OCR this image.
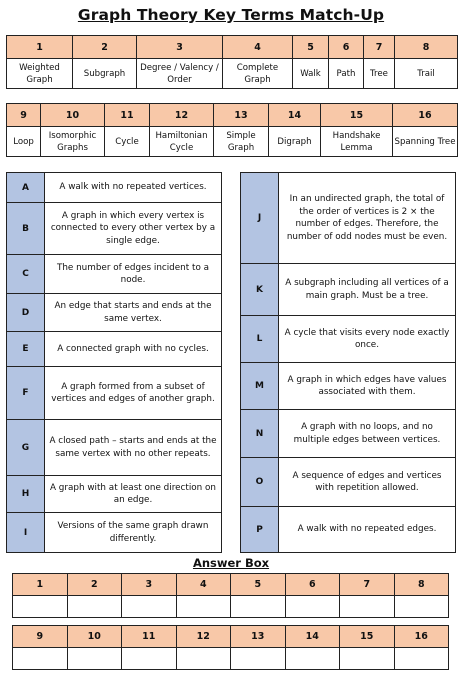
Graph Theory Key Terms Match-Up
1	2	3	4	5	6	7	8
Weighted Graph	Subgraph	Degree / Valency / Order	Complete Graph	Walk	Path	Tree	Trail
9	10	11	12	13	14	15	16
Loop	Isomorphic Graphs	Cycle	Hamiltonian Cycle	Simple Graph	Digraph	Handshake Lemma	Spanning Tree
A	A walk with no repeated vertices.
B	A graph in which every vertex is connected to every other vertex by a single edge.
C	The number of edges incident to a node.
D	An edge that starts and ends at the same vertex.
E	A connected graph with no cycles.
F	A graph formed from a subset of vertices and edges of another graph.
G	A closed path – starts and ends at the same vertex with no other repeats.
H	A graph with at least one direction on an edge.
I	Versions of the same graph drawn differently.
J	In an undirected graph, the total of the order of vertices is 2 × the number of edges. Therefore, the number of odd nodes must be even.
K	A subgraph including all vertices of a main graph. Must be a tree.
L	A cycle that visits every node exactly once.
M	A graph in which edges have values associated with them.
N	A graph with no loops, and no multiple edges between vertices.
O	A sequence of edges and vertices with repetition allowed.
P	A walk with no repeated edges.
Answer Box
1	2	3	4	5	6	7	8

9	10	11	12	13	14	15	16
